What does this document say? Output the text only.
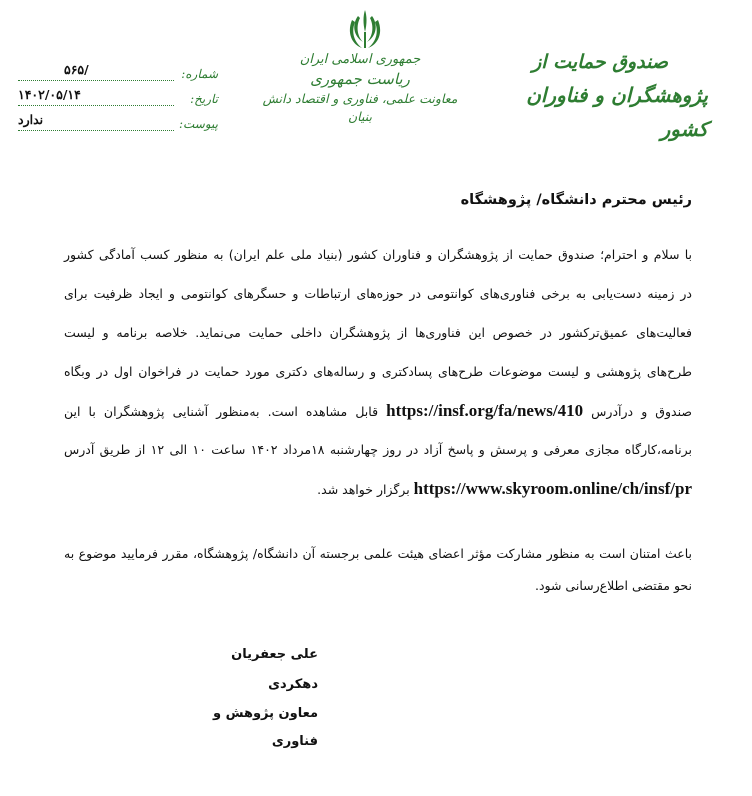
شماره:
/۵۶۵
تاریخ:
۱۴۰۲/۰۵/۱۴
پیوست:
ندارد
جمهوری اسلامی ایران
ریاست جمهوری
معاونت علمی، فناوری و اقتصاد دانش بنیان
صندوق حمایت از
پژوهشگران و فناوران کشور
رئیس محترم دانشگاه/ پژوهشگاه
با سلام و احترام؛ صندوق حمایت از پژوهشگران و فناوران کشور (بنیاد ملی علم ایران) به منظور کسب آمادگی کشور
در زمینه دست‌یابی به برخی فناوری‌های کوانتومی در حوزه‌های ارتباطات و حسگرهای کوانتومی و ایجاد ظرفیت برای
فعالیت‌های عمیق‌ترکشور در خصوص این فناوری‌ها از پژوهشگران داخلی حمایت می‌نماید. خلاصه برنامه و لیست
طرح‌های پژوهشی و لیست موضوعات طرح‌های پسادکتری و رساله‌های دکتری مورد حمایت در فراخوان اول در وبگاه
صندوق و درآدرس https://insf.org/fa/news/410 قابل مشاهده است. به‌منظور آشنایی پژوهشگران با این
برنامه،کارگاه مجازی معرفی و پرسش و پاسخ آزاد در روز چهارشنبه ۱۸مرداد ۱۴۰۲ ساعت ۱۰ الی ۱۲ از طریق آدرس
https://www.skyroom.online/ch/insf/pr برگزار خواهد شد.
باعث امتنان است به منظور مشارکت مؤثر اعضای هیئت علمی برجسته آن دانشگاه/ پژوهشگاه، مقرر فرمایید موضوع به
نحو مقتضی اطلاع‌رسانی شود.
علی جعفریان دهکردی
معاون پژوهش و فناوری
